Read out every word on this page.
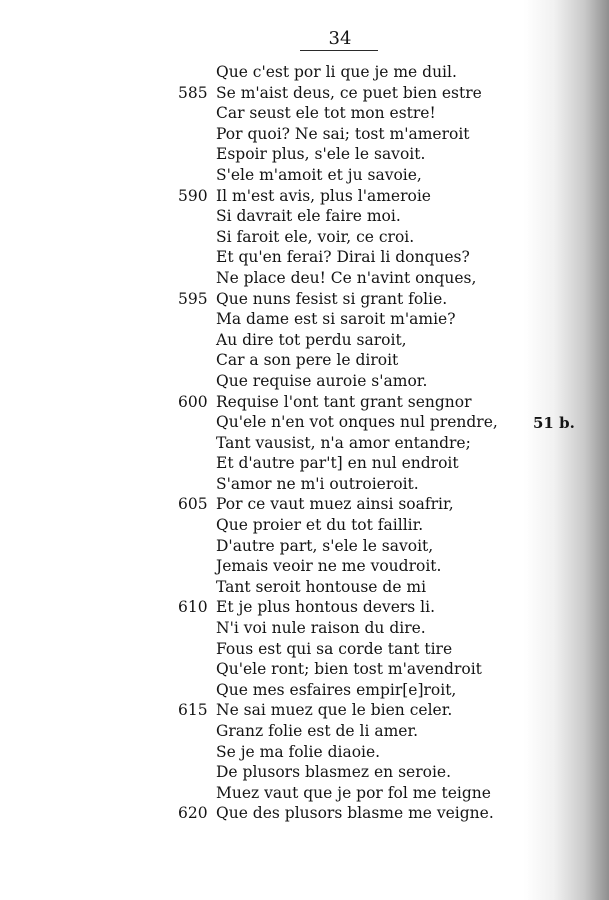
34
Que c'est por li que je me duil.
585 Se m'aist deus, ce puet bien estre
Car seust ele tot mon estre!
Por quoi? Ne sai; tost m'ameroit
Espoir plus, s'ele le savoit.
S'ele m'amoit et ju savoie,
590 Il m'est avis, plus l'ameroie
Si davrait ele faire moi.
Si faroit ele, voir, ce croi.
Et qu'en ferai? Dirai li donques?
Ne place deu! Ce n'avint onques,
595 Que nuns fesist si grant folie.
Ma dame est si saroit m'amie?
Au dire tot perdu saroit,
Car a son pere le diroit
Que requise auroie s'amor.
600 Requise l'ont tant grant sengnor
Qu'ele n'en vot onques nul prendre,
Tant vausist, n'a amor entandre;
Et d'autre par't] en nul endroit
S'amor ne m'i outroieroit.
605 Por ce vaut muez ainsi soafrir,
Que proier et du tot faillir.
D'autre part, s'ele le savoit,
Jemais veoir ne me voudroit.
Tant seroit hontouse de mi
610 Et je plus hontous devers li.
N'i voi nule raison du dire.
Fous est qui sa corde tant tire
Qu'ele ront; bien tost m'avendroit
Que mes esfaires empir[e]roit,
615 Ne sai muez que le bien celer.
Granz folie est de li amer.
Se je ma folie diaoie.
De plusors blasmez en seroie.
Muez vaut que je por fol me teigne
620 Que des plusors blasme me veigne.
51 b.
